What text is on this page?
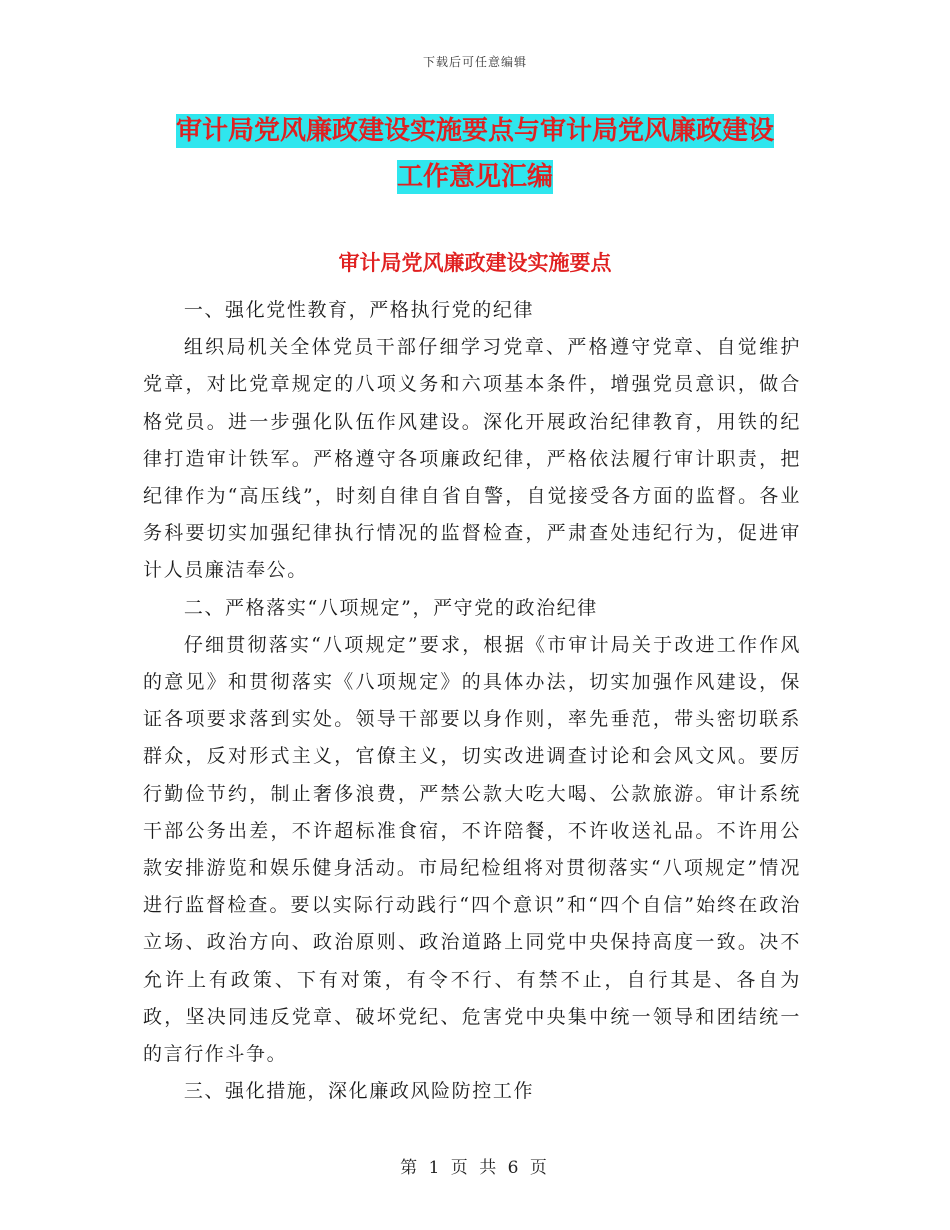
下载后可任意编辑
审计局党风廉政建设实施要点与审计局党风廉政建设
工作意见汇编
审计局党风廉政建设实施要点

一、强化党性教育，严格执行党的纪律

组织局机关全体党员干部仔细学习党章、严格遵守党章、自觉维护党章，对比党章规定的八项义务和六项基本条件，增强党员意识，做合格党员。进一步强化队伍作风建设。深化开展政治纪律教育，用铁的纪律打造审计铁军。严格遵守各项廉政纪律，严格依法履行审计职责，把纪律作为“高压线”，时刻自律自省自警，自觉接受各方面的监督。各业务科要切实加强纪律执行情况的监督检查，严肃查处违纪行为，促进审计人员廉洁奉公。

二、严格落实“八项规定”，严守党的政治纪律

仔细贯彻落实“八项规定”要求，根据《市审计局关于改进工作作风的意见》和贯彻落实《八项规定》的具体办法，切实加强作风建设，保证各项要求落到实处。领导干部要以身作则，率先垂范，带头密切联系群众，反对形式主义，官僚主义，切实改进调查讨论和会风文风。要厉行勤俭节约，制止奢侈浪费，严禁公款大吃大喝、公款旅游。审计系统干部公务出差，不许超标准食宿，不许陪餐，不许收送礼品。不许用公款安排游览和娱乐健身活动。市局纪检组将对贯彻落实“八项规定”情况进行监督检查。要以实际行动践行“四个意识”和“四个自信”始终在政治立场、政治方向、政治原则、政治道路上同党中央保持高度一致。决不允许上有政策、下有对策，有令不行、有禁不止，自行其是、各自为政，坚决同违反党章、破坏党纪、危害党中央集中统一领导和团结统一的言行作斗争。

三、强化措施，深化廉政风险防控工作

第 1 页 共 6 页
